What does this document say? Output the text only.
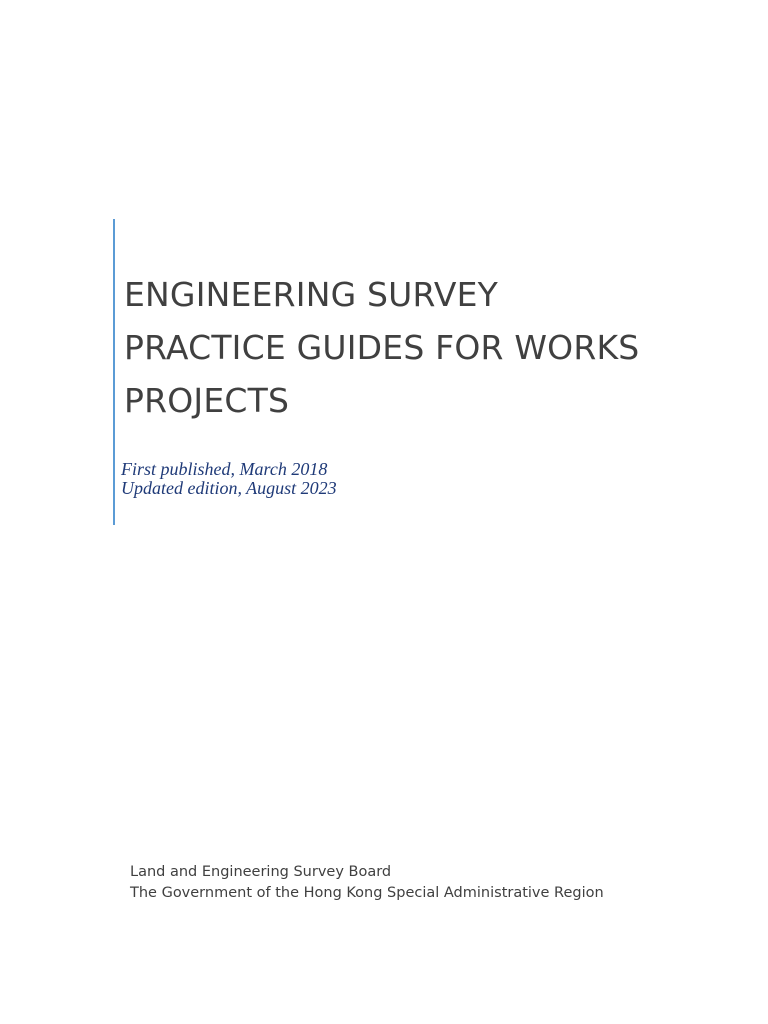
ENGINEERING SURVEY
PRACTICE GUIDES FOR WORKS
PROJECTS
First published, March 2018
Updated edition, August 2023
Land and Engineering Survey Board
The Government of the Hong Kong Special Administrative Region
